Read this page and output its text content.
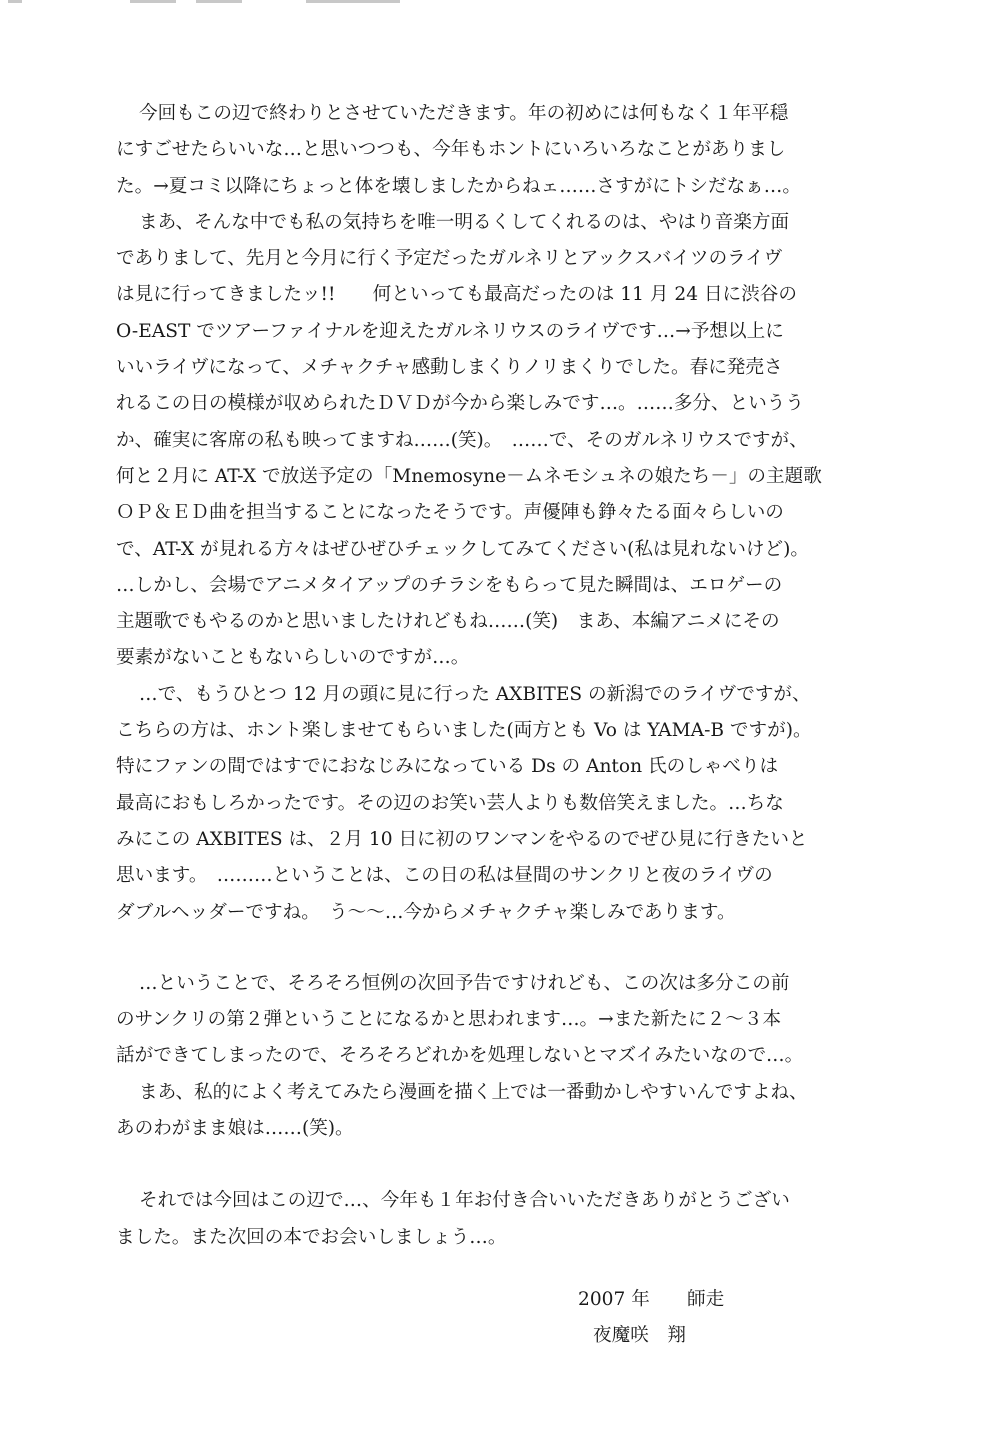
今回もこの辺で終わりとさせていただきます。年の初めには何もなく１年平穏
にすごせたらいいな…と思いつつも、今年もホントにいろいろなことがありまし
た。→夏コミ以降にちょっと体を壊しましたからねェ……さすがにトシだなぁ…。
まあ、そんな中でも私の気持ちを唯一明るくしてくれるのは、やはり音楽方面
でありまして、先月と今月に行く予定だったガルネリとアックスバイツのライヴ
は見に行ってきましたッ!!　　何といっても最高だったのは 11 月 24 日に渋谷の
O-EAST でツアーファイナルを迎えたガルネリウスのライヴです…→予想以上に
いいライヴになって、メチャクチャ感動しまくりノリまくりでした。春に発売さ
れるこの日の模様が収められたＤＶＤが今から楽しみです…。……多分、というう
か、確実に客席の私も映ってますね……(笑)。　……で、そのガルネリウスですが、
何と２月に AT-X で放送予定の「Mnemosyne－ムネモシュネの娘たち－」の主題歌
ＯＰ＆ＥＤ曲を担当することになったそうです。声優陣も錚々たる面々らしいの
で、AT-X が見れる方々はぜひぜひチェックしてみてください(私は見れないけど)。
…しかし、会場でアニメタイアップのチラシをもらって見た瞬間は、エロゲーの
主題歌でもやるのかと思いましたけれどもね……(笑)　まあ、本編アニメにその
要素がないこともないらしいのですが…。
…で、もうひとつ 12 月の頭に見に行った AXBITES の新潟でのライヴですが、
こちらの方は、ホント楽しませてもらいました(両方とも Vo は YAMA-B ですが)。
特にファンの間ではすでにおなじみになっている Ds の Anton 氏のしゃべりは
最高におもしろかったです。その辺のお笑い芸人よりも数倍笑えました。…ちな
みにこの AXBITES は、２月 10 日に初のワンマンをやるのでぜひ見に行きたいと
思います。　………ということは、この日の私は昼間のサンクリと夜のライヴの
ダブルヘッダーですね。　う～～…今からメチャクチャ楽しみであります。
…ということで、そろそろ恒例の次回予告ですけれども、この次は多分この前
のサンクリの第２弾ということになるかと思われます…。→また新たに２～３本
話ができてしまったので、そろそろどれかを処理しないとマズイみたいなので…。
まあ、私的によく考えてみたら漫画を描く上では一番動かしやすいんですよね、
あのわがまま娘は……(笑)。
それでは今回はこの辺で…、今年も１年お付き合いいただきありがとうござい
ました。また次回の本でお会いしましょう…。
2007 年　　師走
夜魔咲　翔
